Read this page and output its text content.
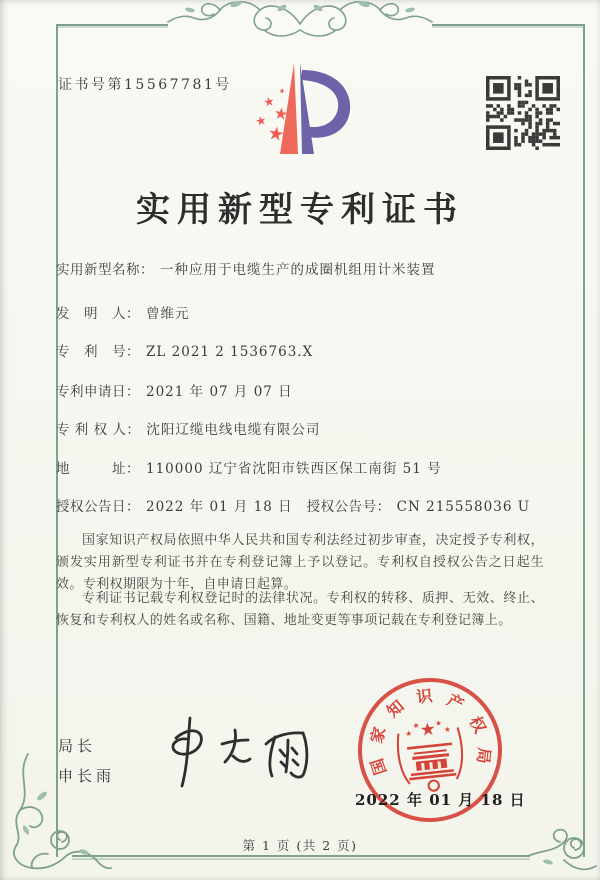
证书号第15567781号
实用新型专利证书
实用新型名称： 一种应用于电缆生产的成圈机组用计米装置
发　明　人： 曾维元
专　利　号： ZL 2021 2 1536763.X
专利申请日： 2021 年 07 月 07 日
专 利 权 人： 沈阳辽缆电线电缆有限公司
地　　　址： 110000 辽宁省沈阳市铁西区保工南街 51 号
授权公告日： 2022 年 01 月 18 日 授权公告号： CN 215558036 U
国家知识产权局依照中华人民共和国专利法经过初步审查，决定授予专利权，颁发实用新型专利证书并在专利登记簿上予以登记。专利权自授权公告之日起生效。专利权期限为十年，自申请日起算。
专利证书记载专利权登记时的法律状况。专利权的转移、质押、无效、终止、恢复和专利权人的姓名或名称、国籍、地址变更等事项记载在专利登记簿上。
局长
申长雨	国
家
知 识 产
权
局
2022 年 01 月 18 日
第 1 页 (共 2 页)
